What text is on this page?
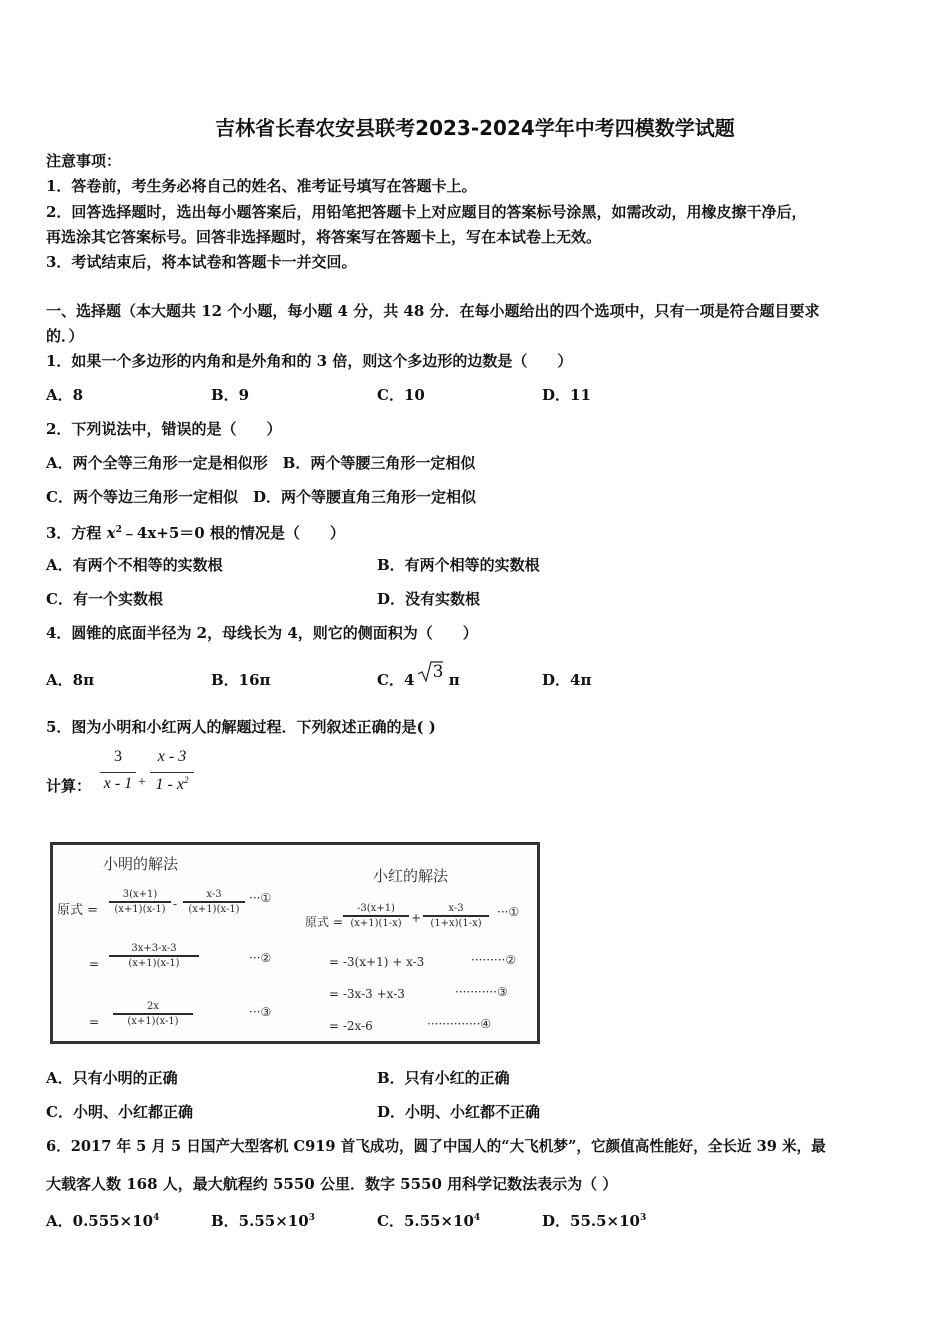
吉林省长春农安县联考2023-2024学年中考四模数学试题
注意事项：
1．答卷前，考生务必将自己的姓名、准考证号填写在答题卡上。
2．回答选择题时，选出每小题答案后，用铅笔把答题卡上对应题目的答案标号涂黑，如需改动，用橡皮擦干净后，
再选涂其它答案标号。回答非选择题时，将答案写在答题卡上，写在本试卷上无效。
3．考试结束后，将本试卷和答题卡一并交回。
一、选择题（本大题共 12 个小题，每小题 4 分，共 48 分．在每小题给出的四个选项中，只有一项是符合题目要求
的．）
1．如果一个多边形的内角和是外角和的 3 倍，则这个多边形的边数是（　　）
A．8	B．9	C．10	D．11
2．下列说法中，错误的是（　　）
A．两个全等三角形一定是相似形　B．两个等腰三角形一定相似
C．两个等边三角形一定相似　D．两个等腰直角三角形一定相似
3．方程 $x^2﹣4x+5=0$ 根的情况是（　　）
A．有两个不相等的实数根	B．有两个相等的实数根
C．有一个实数根	D．没有实数根
4．圆锥的底面半径为 2，母线长为 4，则它的侧面积为（　　）
A．8π	B．16π	C．4 3 π	D．4π
5．图为小明和小红两人的解题过程．下列叙述正确的是( )
计算：
3
x - 1 +
x - 3
$1 - x^2$
小明的解法
原式 =
3(x+1)
(x+1)(x-1) -
x-3
(x+1)(x-1)
···①
=
3x+3-x-3
(x+1)(x-1)	···②
=
2x
(x+1)(x-1)
···③
小红的解法
原式 =
-3(x+1)
(x+1)(1-x) +
x-3
(1+x)(1-x)
···①
= -3(x+1) + x-3	·········②
= -3x-3 +x-3	···········③
= -2x-6	··············④
A．只有小明的正确	B．只有小红的正确
C．小明、小红都正确	D．小明、小红都不正确
6．2017 年 5 月 5 日国产大型客机 C919 首飞成功，圆了中国人的“大飞机梦”，它颜值高性能好，全长近 39 米，最
大载客人数 168 人，最大航程约 5550 公里．数字 5550 用科学记数法表示为（ ）
A．$0.555\times 10^4$	B．$5.55\times 10^3$	C．$5.55\times 10^4$	D．$55.5\times 10^3$
